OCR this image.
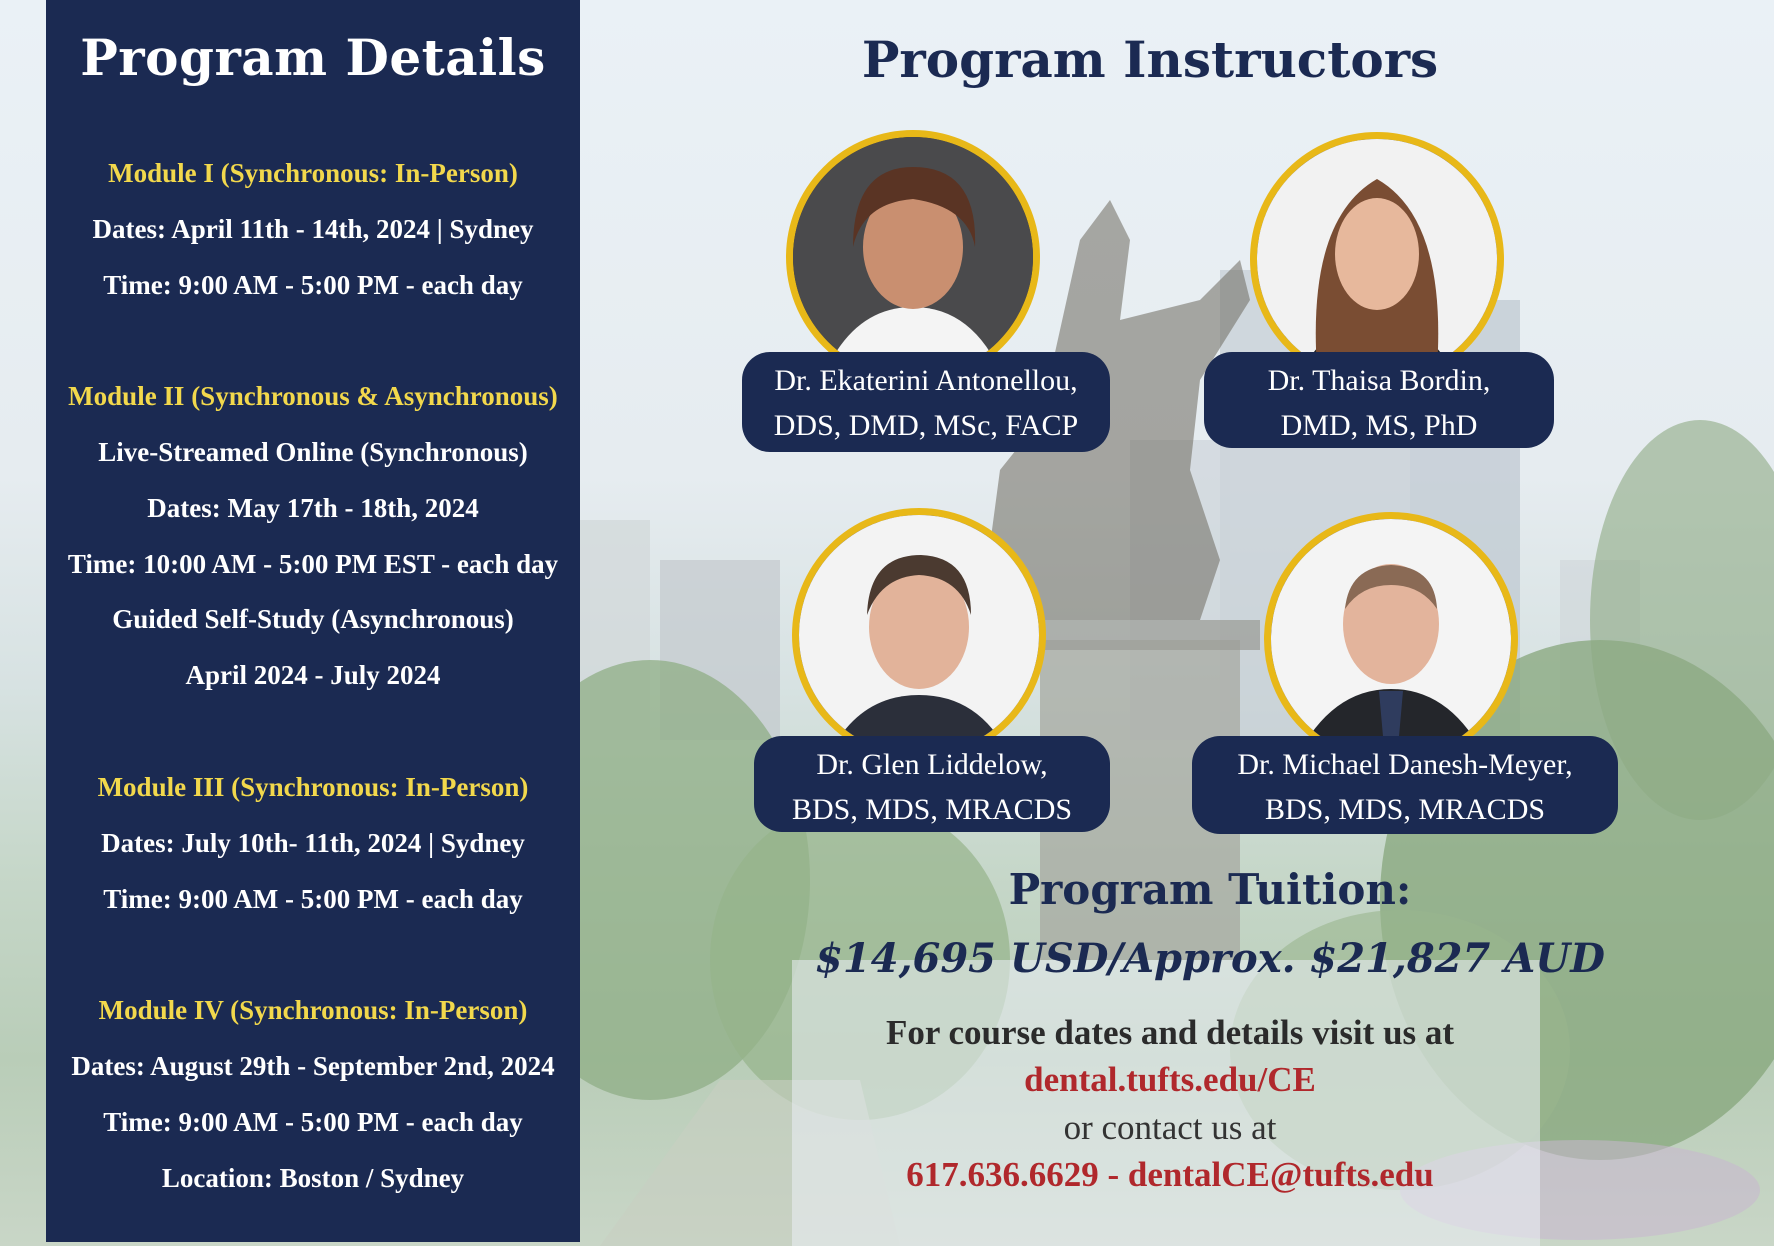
Program Details
Module I (Synchronous: In-Person)
Dates: April 11th - 14th, 2024 | Sydney
Time: 9:00 AM - 5:00 PM - each day
Module II (Synchronous & Asynchronous)
Live-Streamed Online (Synchronous)
Dates: May 17th - 18th, 2024
Time: 10:00 AM - 5:00 PM EST - each day
Guided Self-Study (Asynchronous)
April 2024 - July 2024
Module III (Synchronous: In-Person)
Dates: July 10th- 11th, 2024 | Sydney
Time: 9:00 AM - 5:00 PM - each day
Module IV (Synchronous: In-Person)
Dates: August 29th - September 2nd, 2024
Time: 9:00 AM - 5:00 PM - each day
Location: Boston / Sydney
Program Instructors
Dr. Ekaterini Antonellou,
DDS, DMD, MSc, FACP
Dr. Thaisa Bordin,
DMD, MS, PhD
Dr. Glen Liddelow,
BDS, MDS, MRACDS
Dr. Michael Danesh-Meyer,
BDS, MDS, MRACDS
Program Tuition:
$14,695 USD/Approx. $21,827 AUD
For course dates and details visit us at
dental.tufts.edu/CE
or contact us at
617.636.6629 - dentalCE@tufts.edu
